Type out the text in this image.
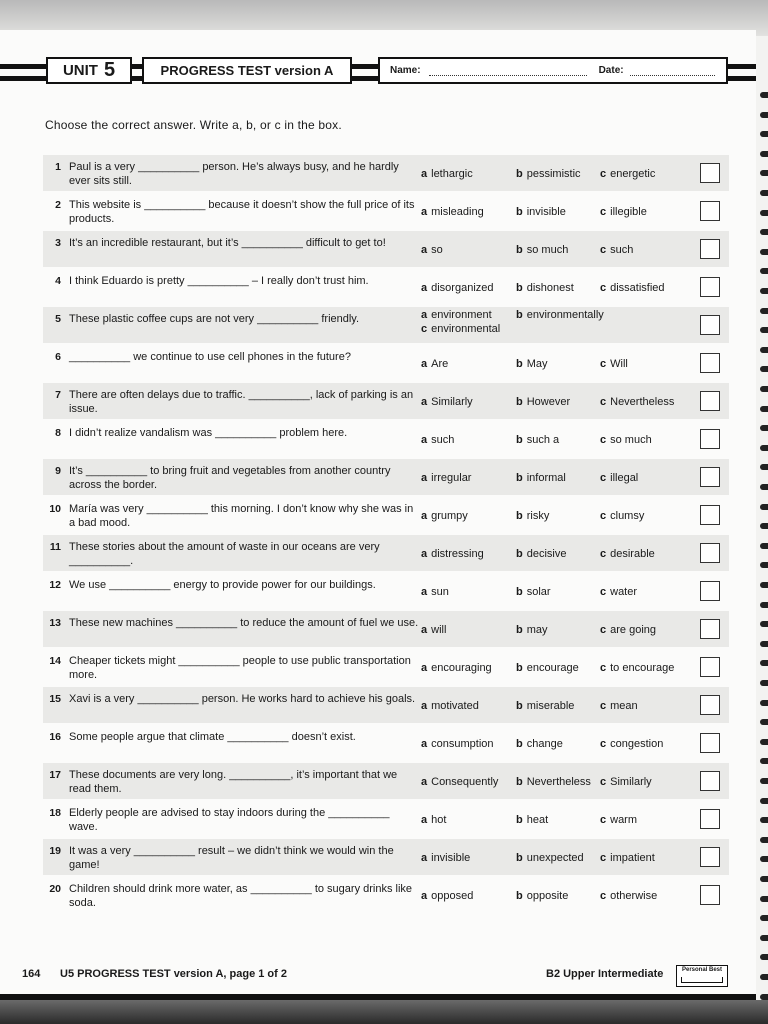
UNIT 5	PROGRESS TEST version A	Name:	Date:
Choose the correct answer. Write a, b, or c in the box.
1 Paul is a very __________ person. He’s always busy, and he hardly ever sits still.
a lethargic	b pessimistic c energetic
2 This website is __________ because it doesn’t show the full price of its products.
a misleading	b invisible	c illegible
3 It’s an incredible restaurant, but it’s __________ difficult to get to!
a so	b so much	c such
4 I think Eduardo is pretty __________ – I really don’t trust him.
a disorganized b dishonest c dissatisfied
5 These plastic coffee cups are not very __________ friendly.	a environment b environmentally
c environmental
6 __________ we continue to use cell phones in the future?
a Are	b May	c Will
7 There are often delays due to traffic. __________, lack of parking is an issue.
a Similarly	b However	c Nevertheless
8 I didn’t realize vandalism was __________ problem here.
a such	b such a	c so much
9 It’s __________ to bring fruit and vegetables from another country across the border.
a irregular	b informal	c illegal
10 María was very __________ this morning. I don’t know why she was in a bad mood.
a grumpy	b risky	c clumsy
11 These stories about the amount of waste in our oceans are very __________.
a distressing	b decisive	c desirable
12 We use __________ energy to provide power for our buildings.
a sun	b solar	c water
13 These new machines __________ to reduce the amount of fuel we use.
a will	b may	c are going
14 Cheaper tickets might __________ people to use public transportation more.
a encouraging b encourage c to encourage
15 Xavi is a very __________ person. He works hard to achieve his goals.
a motivated	b miserable c mean
16 Some people argue that climate __________ doesn’t exist.
a consumption b change	c congestion
17 These documents are very long. __________, it’s important that we read them.
a Consequently b Nevertheless c Similarly
18 Elderly people are advised to stay indoors during the __________ wave.
a hot	b heat	c warm
19 It was a very __________ result – we didn’t think we would win the game!
a invisible	b unexpected c impatient
20 Children should drink more water, as __________ to sugary drinks like soda.
a opposed	b opposite	c otherwise
164 U5 PROGRESS TEST version A, page 1 of 2	B2 Upper Intermediate	Personal Best
